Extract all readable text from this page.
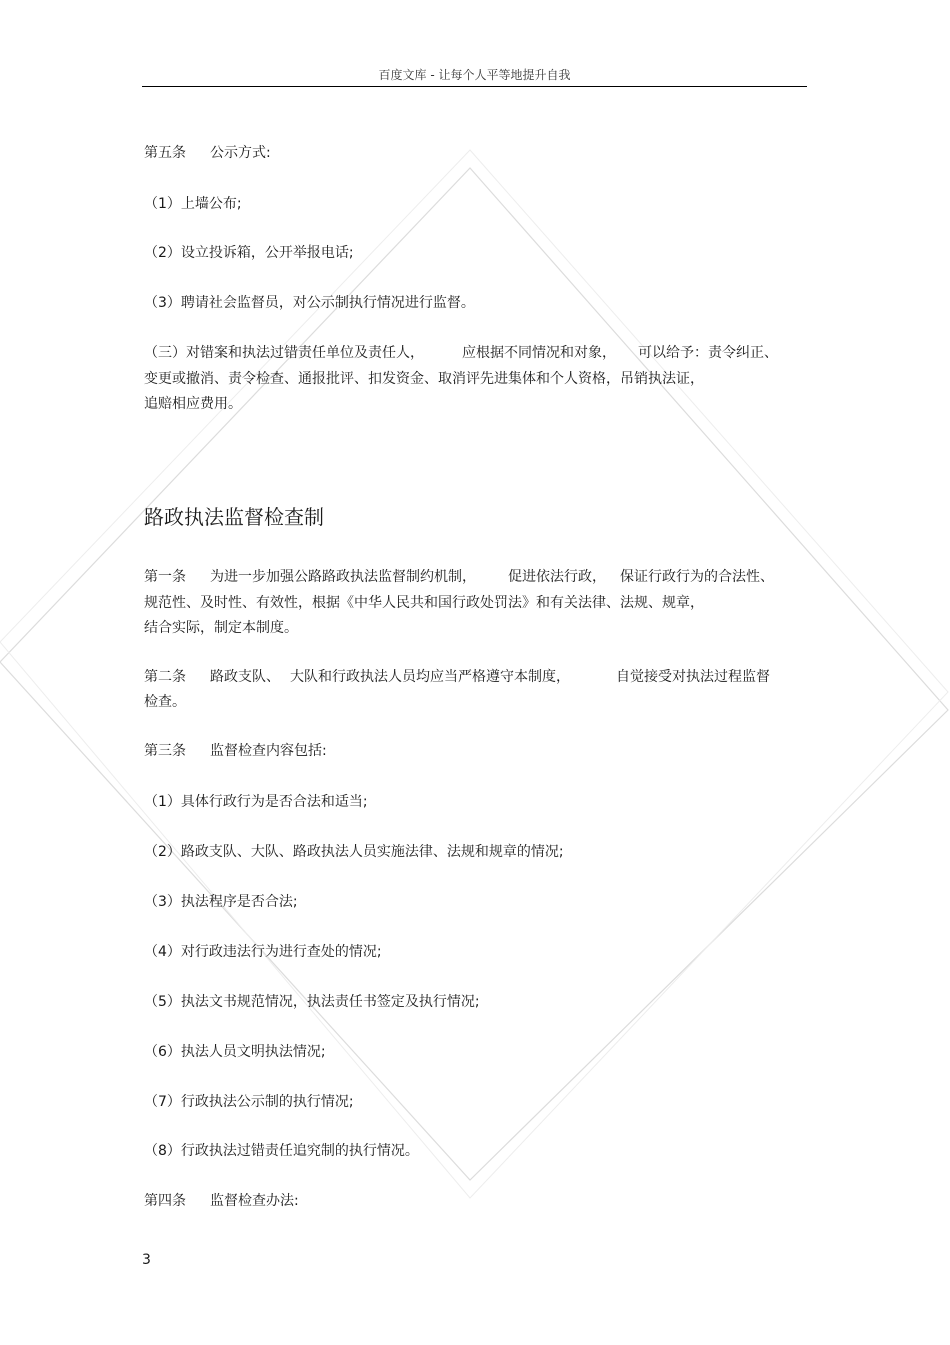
百度文库 - 让每个人平等地提升自我
第五条 公示方式:
（1）上墙公布;
（2）设立投诉箱，公开举报电话;
（3）聘请社会监督员，对公示制执行情况进行监督。
（三）对错案和执法过错责任单位及责任人，	应根据不同情况和对象， 可以给予：责令纠正、
变更或撤消、责令检查、通报批评、扣发资金、取消评先进集体和个人资格，吊销执法证，
追赔相应费用。
路政执法监督检查制
第一条 为进一步加强公路路政执法监督制约机制， 促进依法行政， 保证行政行为的合法性、
规范性、及时性、有效性，根据《中华人民共和国行政处罚法》和有关法律、法规、规章，
结合实际，制定本制度。
第二条 路政支队、 大队和行政执法人员均应当严格遵守本制度，	自觉接受对执法过程监督
检查。
第三条 监督检查内容包括:
（1）具体行政行为是否合法和适当;
（2）路政支队、大队、路政执法人员实施法律、法规和规章的情况;
（3）执法程序是否合法;
（4）对行政违法行为进行查处的情况;
（5）执法文书规范情况，执法责任书签定及执行情况;
（6）执法人员文明执法情况;
（7）行政执法公示制的执行情况;
（8）行政执法过错责任追究制的执行情况。
第四条 监督检查办法:
3
